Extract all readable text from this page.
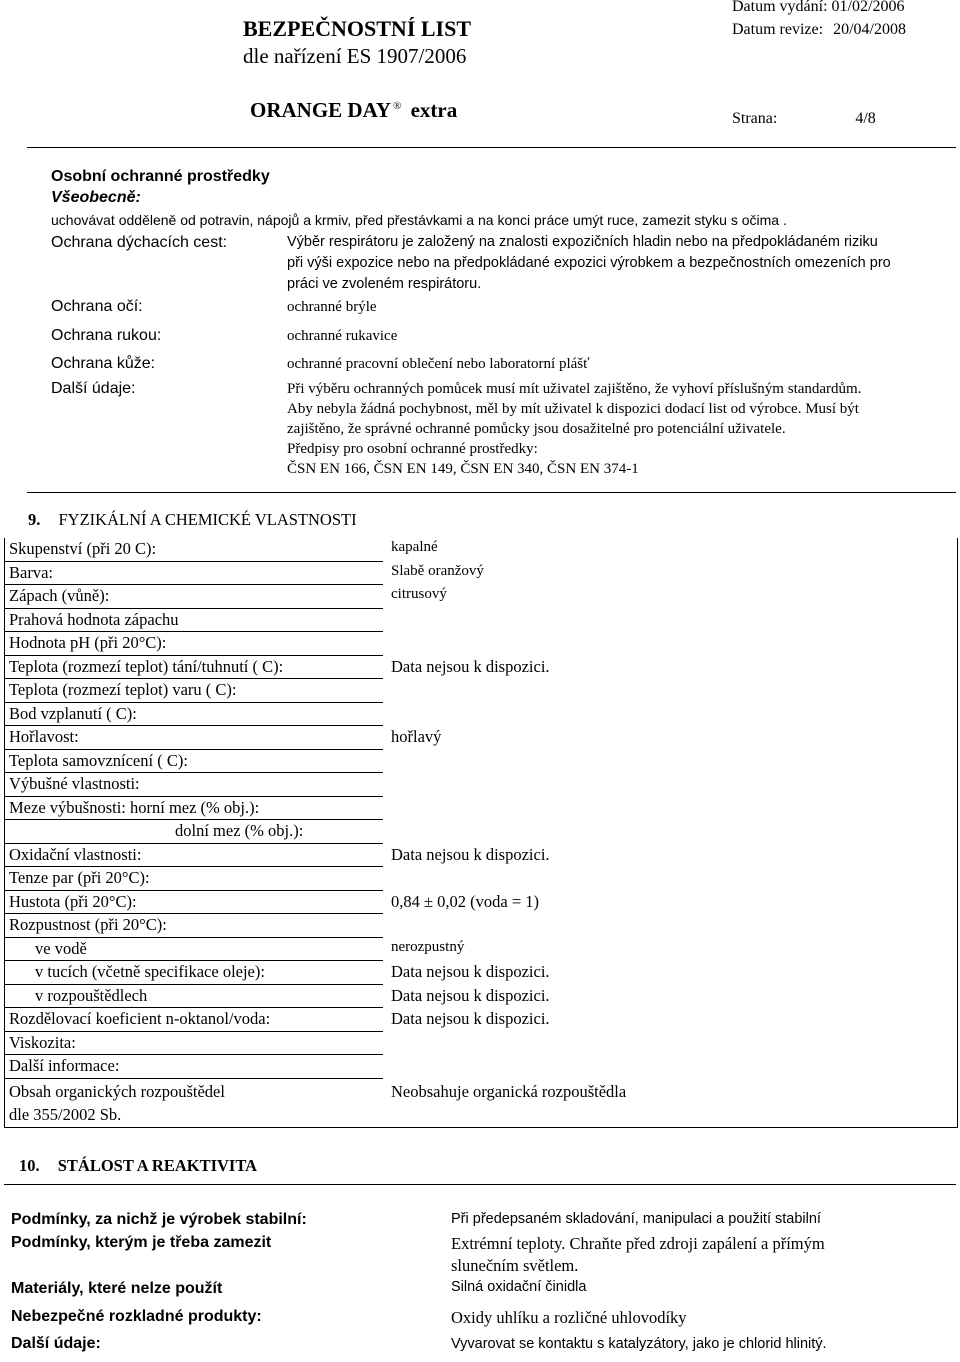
BEZPEČNOSTNÍ LIST
dle nařízení ES 1907/2006
Datum vydání: 01/02/2006
Datum revize: 20/04/2008
ORANGE DAY ® extra	Strana:	4/8
Osobní ochranné prostředky
Všeobecně:
uchovávat odděleně od potravin, nápojů a krmiv, před přestávkami a na konci práce umýt ruce, zamezit styku s očima .
Ochrana dýchacích cest:	Výběr respirátoru je založený na znalosti expozičních hladin nebo na předpokládaném riziku
při výši expozice nebo na předpokládané expozici výrobkem a bezpečnostních omezeních pro
práci ve zvoleném respirátoru.
Ochrana očí:	ochranné brýle
Ochrana rukou:	ochranné rukavice
Ochrana kůže:	ochranné pracovní oblečení nebo laboratorní plášť
Další údaje:	Při výběru ochranných pomůcek musí mít uživatel zajištěno, že vyhoví příslušným standardům.
Aby nebyla žádná pochybnost, měl by mít uživatel k dispozici dodací list od výrobce. Musí být
zajištěno, že správné ochranné pomůcky jsou dosažitelné pro potenciální uživatele.
Předpisy pro osobní ochranné prostředky:
ČSN EN 166, ČSN EN 149, ČSN EN 340, ČSN EN 374-1
9. FYZIKÁLNÍ A CHEMICKÉ VLASTNOSTI
Skupenství (při 20 C):	kapalné
Barva:	Slabě oranžový
Zápach (vůně):	citrusový
Prahová hodnota zápachu
Hodnota pH (při 20°C):
Teplota (rozmezí teplot) tání/tuhnutí ( C):	Data nejsou k dispozici.
Teplota (rozmezí teplot) varu ( C):
Bod vzplanutí ( C):
Hořlavost:	hořlavý
Teplota samovznícení ( C):
Výbušné vlastnosti:
Meze výbušnosti: horní mez (% obj.):
dolní mez (% obj.):
Oxidační vlastnosti:	Data nejsou k dispozici.
Tenze par (při 20°C):
Hustota (při 20°C):	0,84 ± 0,02 (voda = 1)
Rozpustnost (při 20°C):
ve vodě	nerozpustný
v tucích (včetně specifikace oleje):	Data nejsou k dispozici.
v rozpouštědlech	Data nejsou k dispozici.
Rozdělovací koeficient n-oktanol/voda:	Data nejsou k dispozici.
Viskozita:
Další informace:
Obsah organických rozpouštědel	Neobsahuje organická rozpouštědla
dle 355/2002 Sb.
10. STÁLOST A REAKTIVITA
Podmínky, za nichž je výrobek stabilní:	Při předepsaném skladování, manipulaci a použití stabilní
Podmínky, kterým je třeba zamezit	Extrémní teploty. Chraňte před zdroji zapálení a přímým
slunečním světlem.
Materiály, které nelze použít	Silná oxidační činidla
Nebezpečné rozkladné produkty:	Oxidy uhlíku a rozličné uhlovodíky
Další údaje:	Vyvarovat se kontaktu s katalyzátory, jako je chlorid hlinitý.
